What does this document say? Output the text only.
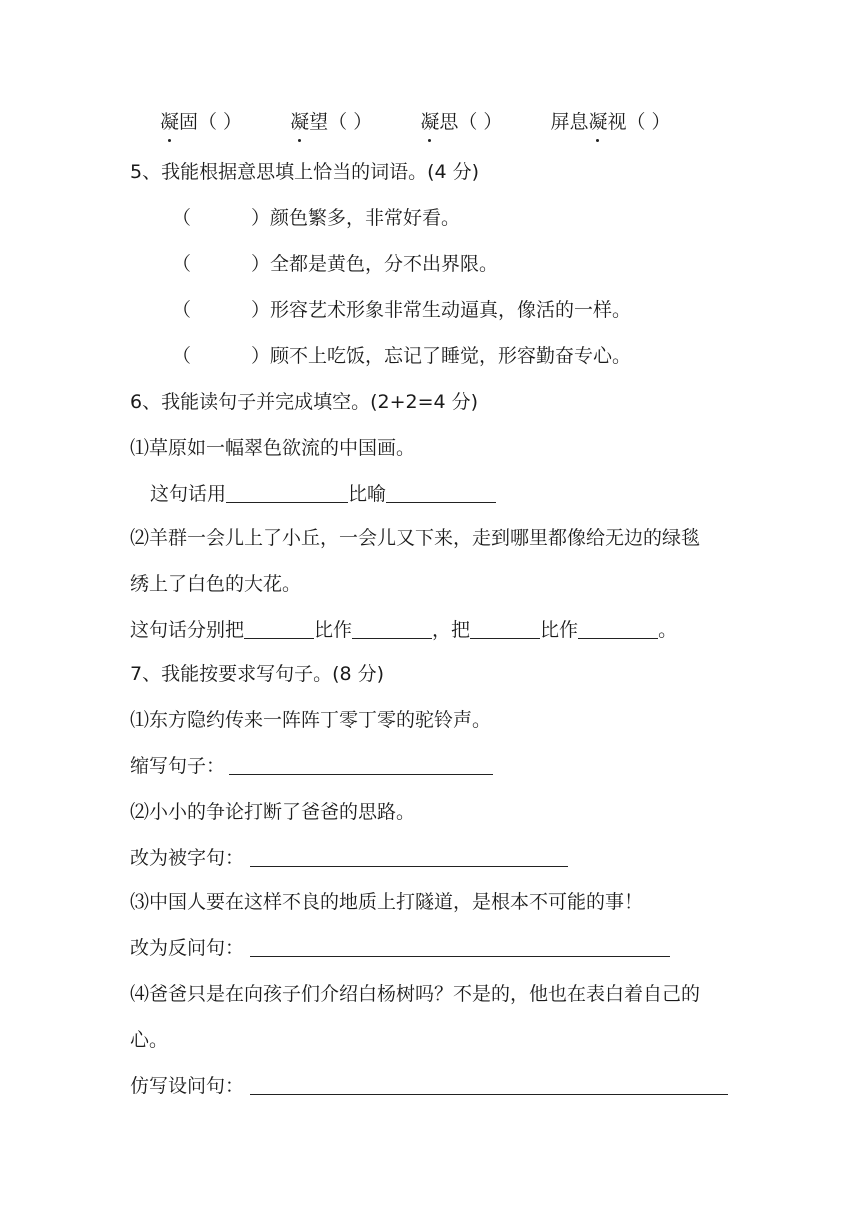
凝
固（ ）	凝
望（ ）	凝
思（ ）	屏息凝
视（ ）
5、我能根据意思填上恰当的词语。(4 分)
（	）颜色繁多，非常好看。
（	）全都是黄色，分不出界限。
（	）形容艺术形象非常生动逼真，像活的一样。
（	）顾不上吃饭，忘记了睡觉，形容勤奋专心。
6、我能读句子并完成填空。(2+2=4 分)
⑴草原如一幅翠色欲流的中国画。
这句话用	比喻
⑵羊群一会儿上了小丘，一会儿又下来，走到哪里都像给无边的绿毯
绣上了白色的大花。
这句话分别把	比作	，把	比作	。
7、我能按要求写句子。(8 分)
⑴东方隐约传来一阵阵丁零丁零的驼铃声。
缩写句子：
⑵小小的争论打断了爸爸的思路。
改为被字句：
⑶中国人要在这样不良的地质上打隧道，是根本不可能的事！
改为反问句：
⑷爸爸只是在向孩子们介绍白杨树吗？不是的，他也在表白着自己的
心。
仿写设问句：
